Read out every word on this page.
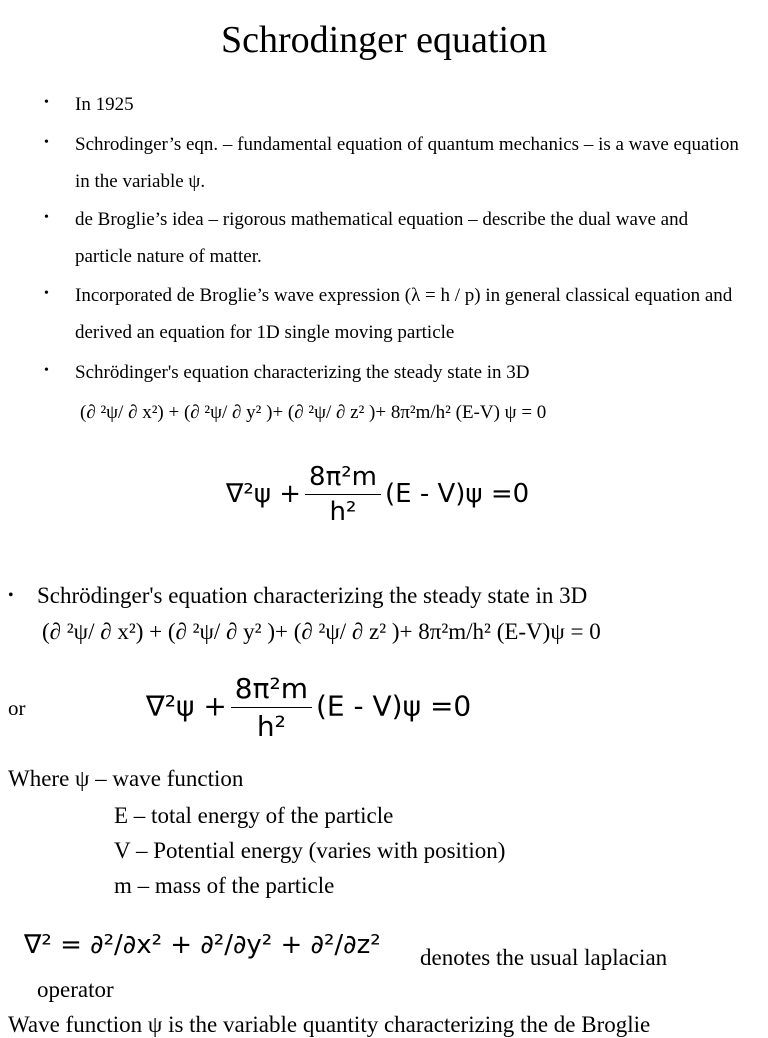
Schrodinger equation
• In 1925
• Schrodinger’s eqn. – fundamental equation of quantum mechanics – is a wave equation in the variable ψ.
• de Broglie’s idea – rigorous mathematical equation – describe the dual wave and particle nature of matter.
• Incorporated de Broglie’s wave expression (λ = h / p) in general classical equation and derived an equation for 1D single moving particle
• Schrödinger's equation characterizing the steady state in 3D
(∂ ²ψ/ ∂ x²) + (∂ ²ψ/ ∂ y² )+ (∂ ²ψ/ ∂ z² )+ 8π²m/h² (E-V) ψ = 0
$\nabla^2\psi + \frac{\text{8π²m}}{\text{h²}} (E - V)\psi =0$
• Schrödinger's equation characterizing the steady state in 3D
(∂ ²ψ/ ∂ x²) + (∂ ²ψ/ ∂ y² )+ (∂ ²ψ/ ∂ z² )+ 8π²m/h² (E-V)ψ = 0
or	$\nabla^2\psi + \frac{\text{8π²m}}{\text{h²}} (E - V)\psi =0$
Where ψ – wave function
E – total energy of the particle
V – Potential energy (varies with position)
m – mass of the particle
∇² = ∂²/∂x² + ∂²/∂y² + ∂²/∂z² denotes the usual laplacian
operator
Wave function ψ is the variable quantity characterizing the de Broglie
